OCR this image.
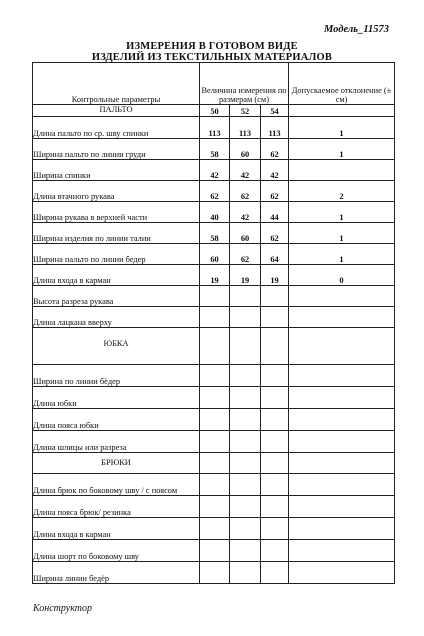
Модель_11573
ИЗМЕРЕНИЯ В ГОТОВОМ ВИДЕ
ИЗДЕЛИЙ ИЗ ТЕКСТИЛЬНЫХ МАТЕРИАЛОВ
Контрольные параметры	Величина измерения по размерам (см)			Допускаемое отклонение (± см)
ПАЛЬТО	50	52	54	
Длина пальто по ср. шву спинки	113	113	113	1
Ширина пальто по линии груди	58	60	62	1
Ширина спинки	42	42	42	
Длина втачного рукава	62	62	62	2
Ширина рукава в верхней части	40	42	44	1
Ширина изделия по линии талии	58	60	62	1
Ширина пальто по линии бедер	60	62	64	1
Длина входа в карман	19	19	19	0
Высота разреза рукава				
Длина лацкана вверху				
ЮБКА				
Ширина по линии бёдер				
Длина юбки				
Длина пояса юбки				
Длина шлицы или разреза				
БРЮКИ				
Длина брюк по боковому шву / с поясом				
Длина пояса брюк/ резинка				
Длина входа в карман				
Длина шорт по боковому шву				
Ширина линии бедёр				
Конструктор
